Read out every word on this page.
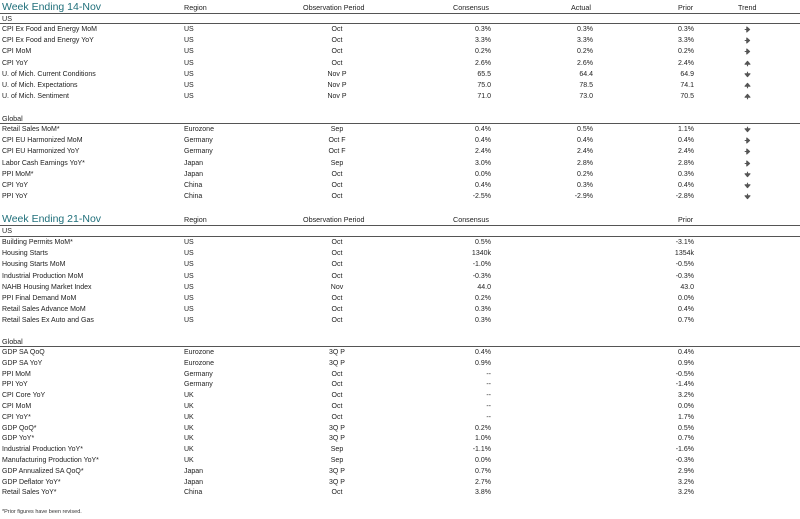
Week Ending 14-Nov	Region	Observation Period	Consensus	Actual	Prior	Trend
US
CPI Ex Food and Energy MoM	US	Oct	0.3%	0.3%	0.3%
CPI Ex Food and Energy YoY	US	Oct	3.3%	3.3%	3.3%
CPI MoM	US	Oct	0.2%	0.2%	0.2%
CPI YoY	US	Oct	2.6%	2.6%	2.4%
U. of Mich. Current Conditions	US	Nov P	65.5	64.4	64.9
U. of Mich. Expectations	US	Nov P	75.0	78.5	74.1
U. of Mich. Sentiment	US	Nov P	71.0	73.0	70.5
Global
Retail Sales MoM*	Eurozone	Sep	0.4%	0.5%	1.1%
CPI EU Harmonized MoM	Germany	Oct F	0.4%	0.4%	0.4%
CPI EU Harmonized YoY	Germany	Oct F	2.4%	2.4%	2.4%
Labor Cash Earnings YoY*	Japan	Sep	3.0%	2.8%	2.8%
PPI MoM*	Japan	Oct	0.0%	0.2%	0.3%
CPI YoY	China	Oct	0.4%	0.3%	0.4%
PPI YoY	China	Oct	-2.5%	-2.9%	-2.8%
Week Ending 21-Nov	Region	Observation Period	Consensus	Prior
US
Building Permits MoM*	US	Oct	0.5%	-3.1%
Housing Starts	US	Oct	1340k	1354k
Housing Starts MoM	US	Oct	-1.0%	-0.5%
Industrial Production MoM	US	Oct	-0.3%	-0.3%
NAHB Housing Market Index	US	Nov	44.0	43.0
PPI Final Demand MoM	US	Oct	0.2%	0.0%
Retail Sales Advance MoM	US	Oct	0.3%	0.4%
Retail Sales Ex Auto and Gas	US	Oct	0.3%	0.7%
Global
GDP SA QoQ	Eurozone	3Q P	0.4%	0.4%
GDP SA YoY	Eurozone	3Q P	0.9%	0.9%
PPI MoM	Germany	Oct	--	-0.5%
PPI YoY	Germany	Oct	--	-1.4%
CPI Core YoY	UK	Oct	--	3.2%
CPI MoM	UK	Oct	--	0.0%
CPI YoY*	UK	Oct	--	1.7%
GDP QoQ*	UK	3Q P	0.2%	0.5%
GDP YoY*	UK	3Q P	1.0%	0.7%
Industrial Production YoY*	UK	Sep	-1.1%	-1.6%
Manufacturing Production YoY*	UK	Sep	0.0%	-0.3%
GDP Annualized SA QoQ*	Japan	3Q P	0.7%	2.9%
GDP Deflator YoY*	Japan	3Q P	2.7%	3.2%
Retail Sales YoY*	China	Oct	3.8%	3.2%
*Prior figures have been revised.
